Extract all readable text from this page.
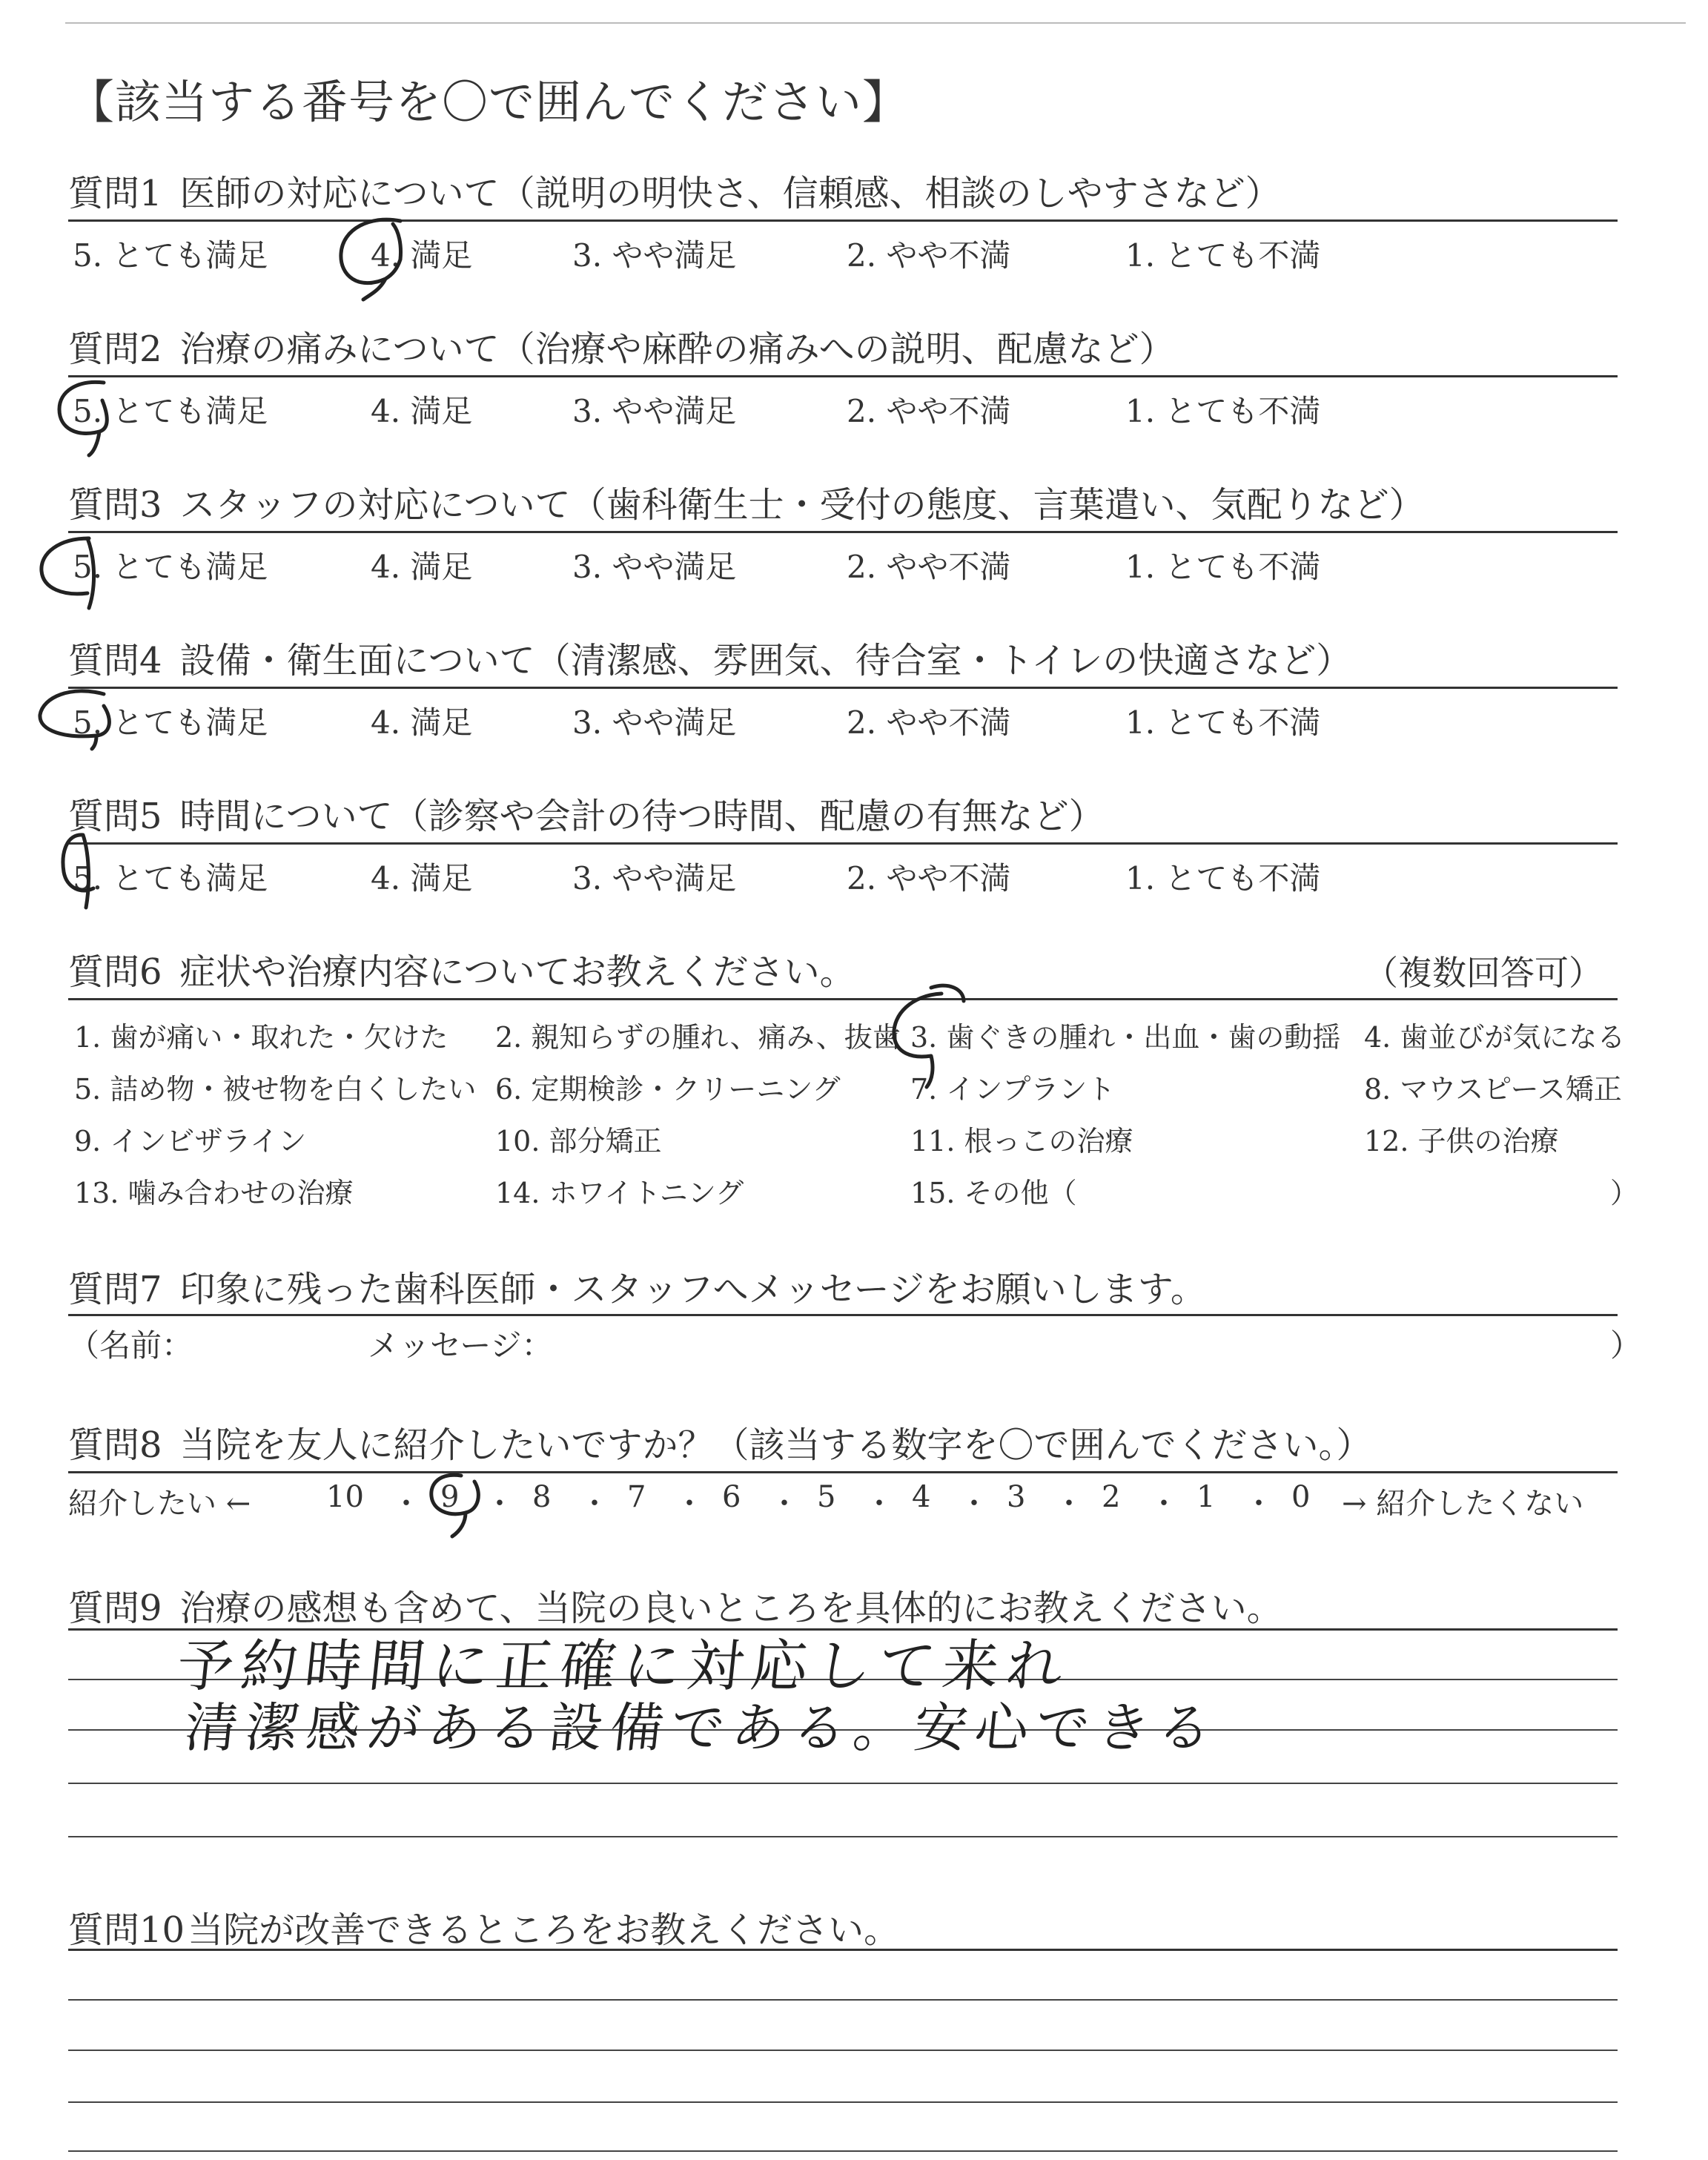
【該当する番号を〇で囲んでください】
質問1 医師の対応について（説明の明快さ、信頼感、相談のしやすさなど）
5. とても満足	4. 満足	3. やや満足	2. やや不満	1. とても不満
質問2 治療の痛みについて（治療や麻酔の痛みへの説明、配慮など）
5. とても満足	4. 満足	3. やや満足	2. やや不満	1. とても不満
質問3 スタッフの対応について（歯科衛生士・受付の態度、言葉遣い、気配りなど）
5. とても満足	4. 満足	3. やや満足	2. やや不満	1. とても不満
質問4 設備・衛生面について（清潔感、雰囲気、待合室・トイレの快適さなど）
5. とても満足	4. 満足	3. やや満足	2. やや不満	1. とても不満
質問5 時間について（診察や会計の待つ時間、配慮の有無など）
5. とても満足	4. 満足	3. やや満足	2. やや不満	1. とても不満
質問6 症状や治療内容についてお教えください。	（複数回答可）
1. 歯が痛い・取れた・欠けた 2. 親知らずの腫れ、痛み、抜歯 3. 歯ぐきの腫れ・出血・歯の動揺 4. 歯並びが気になる
5. 詰め物・被せ物を白くしたい 6. 定期検診・クリーニング 7. インプラント	8. マウスピース矯正
9. インビザライン	10. 部分矯正	11. 根っこの治療	12. 子供の治療
13. 噛み合わせの治療	14. ホワイトニング	15. その他（	）
質問7 印象に残った歯科医師・スタッフへメッセージをお願いします。
（名前：	メッセージ：	）
質問8 当院を友人に紹介したいですか？（該当する数字を〇で囲んでください。）
紹介したい ←	10 ・ 9 ・ 8 ・ 7 ・ 6 ・ 5 ・ 4 ・ 3 ・ 2 ・ 1 ・ 0 → 紹介したくない
質問9 治療の感想も含めて、当院の良いところを具体的にお教えください。
予約時間に正確に対応して来れ
清潔感がある設備である。安心できる
質問10当院が改善できるところをお教えください。
